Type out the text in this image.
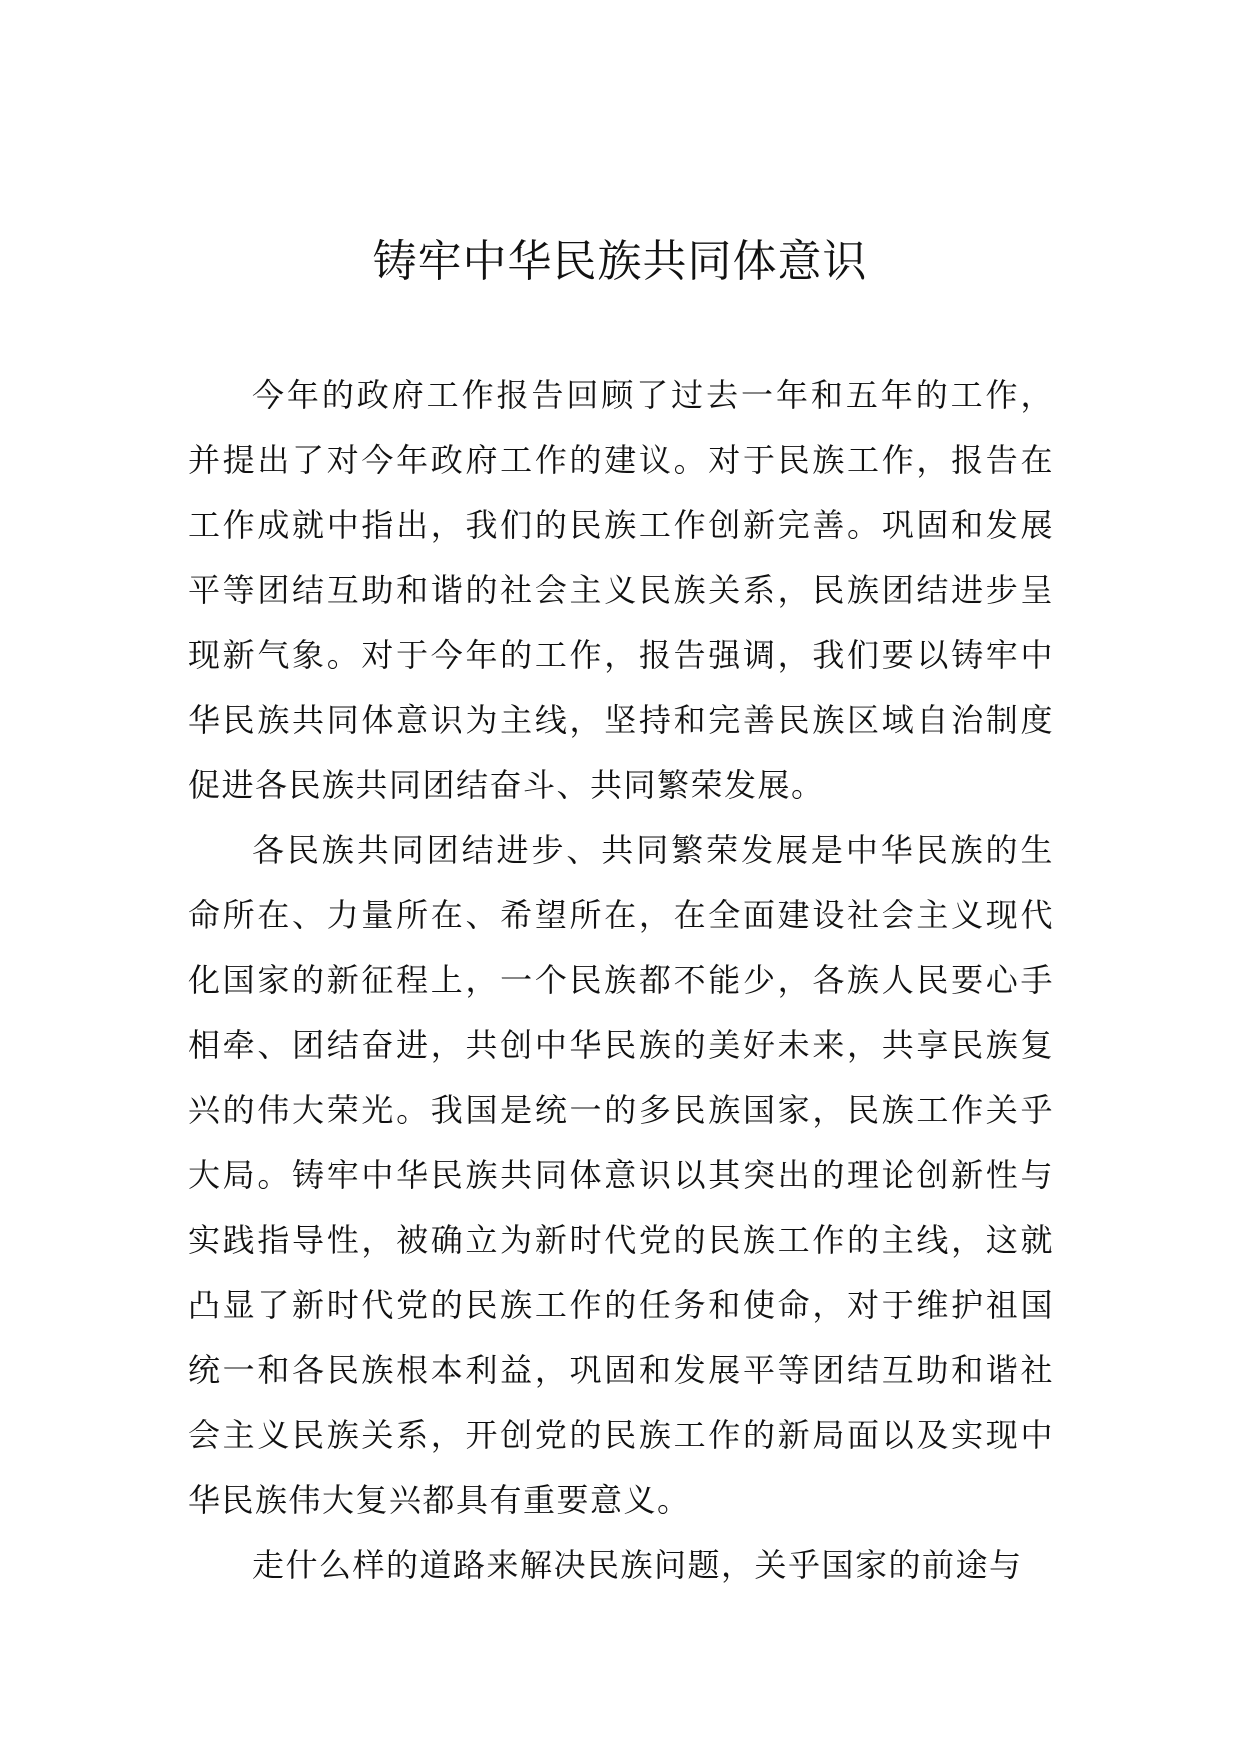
铸牢中华民族共同体意识

今年的政府工作报告回顾了过去一年和五年的工作，并提出了对今年政府工作的建议。对于民族工作，报告在工作成就中指出，我们的民族工作创新完善。巩固和发展平等团结互助和谐的社会主义民族关系，民族团结进步呈现新气象。对于今年的工作，报告强调，我们要以铸牢中华民族共同体意识为主线，坚持和完善民族区域自治制度促进各民族共同团结奋斗、共同繁荣发展。

各民族共同团结进步、共同繁荣发展是中华民族的生命所在、力量所在、希望所在，在全面建设社会主义现代化国家的新征程上，一个民族都不能少，各族人民要心手相牵、团结奋进，共创中华民族的美好未来，共享民族复兴的伟大荣光。我国是统一的多民族国家，民族工作关乎大局。铸牢中华民族共同体意识以其突出的理论创新性与实践指导性，被确立为新时代党的民族工作的主线，这就凸显了新时代党的民族工作的任务和使命，对于维护祖国统一和各民族根本利益，巩固和发展平等团结互助和谐社会主义民族关系，开创党的民族工作的新局面以及实现中华民族伟大复兴都具有重要意义。

走什么样的道路来解决民族问题，关乎国家的前途与
